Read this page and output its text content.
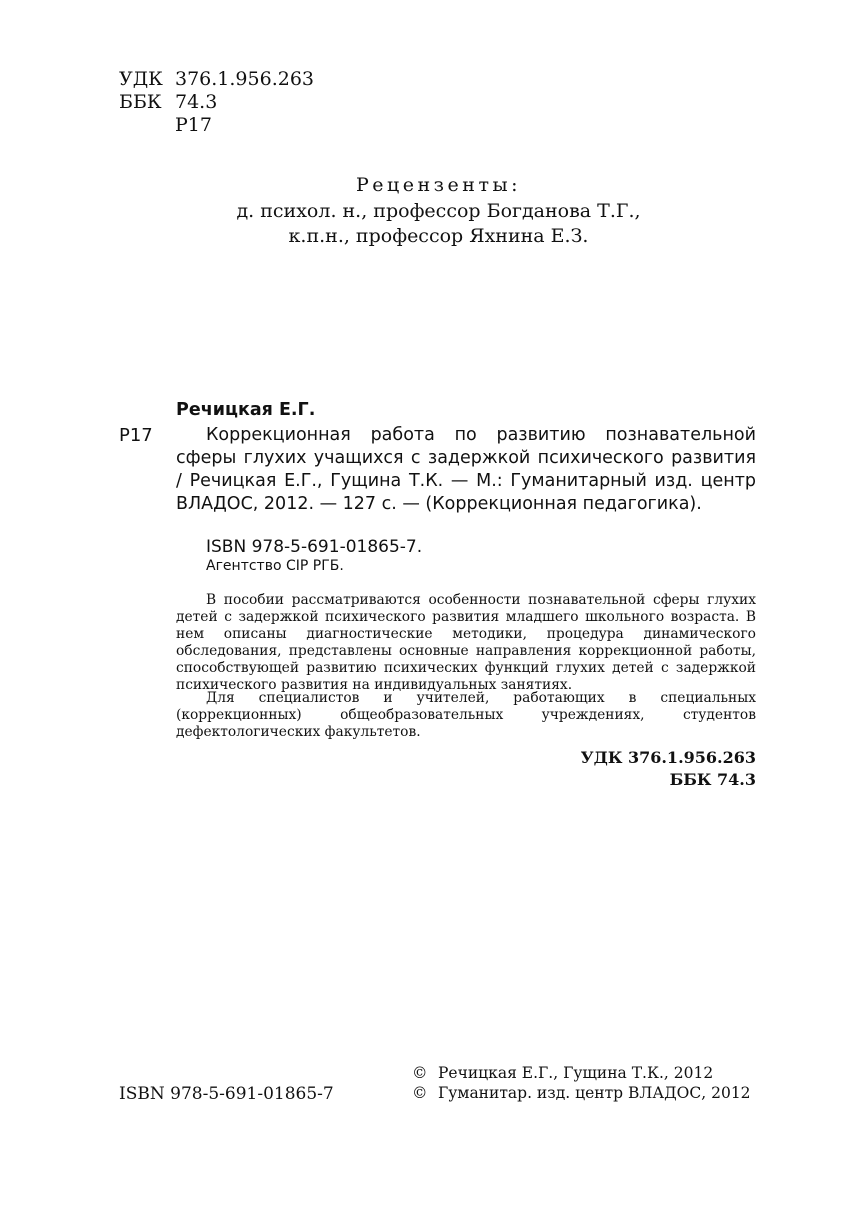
УДК 376.1.956.263
ББК 74.3
Р17
Рецензенты:
д. психол. н., профессор Богданова Т.Г.,
к.п.н., профессор Яхнина Е.З.
Речицкая Е.Г.
Р17	Коррекционная работа по развитию познавательной сферы глухих учащихся с задержкой психического развития / Речицкая Е.Г., Гущина Т.К. — М.: Гуманитарный изд. центр ВЛАДОС, 2012. — 127 с. — (Коррекционная педагогика).
ISBN 978-5-691-01865-7.
Агентство CIP РГБ.

В пособии рассматриваются особенности познавательной сферы глухих детей с задержкой психического развития младшего школьного возраста. В нем описаны диагностические методики, процедура динамического обследования, представлены основные направления коррекционной работы, способствующей развитию психических функций глухих детей с задержкой психического развития на индивидуальных занятиях.

Для специалистов и учителей, работающих в специальных (коррекционных) общеобразовательных учреждениях, студентов дефектологических факультетов.

УДК 376.1.956.263
ББК 74.3
ISBN 978-5-691-01865-7
© Речицкая Е.Г., Гущина Т.К., 2012
© Гуманитар. изд. центр ВЛАДОС, 2012
